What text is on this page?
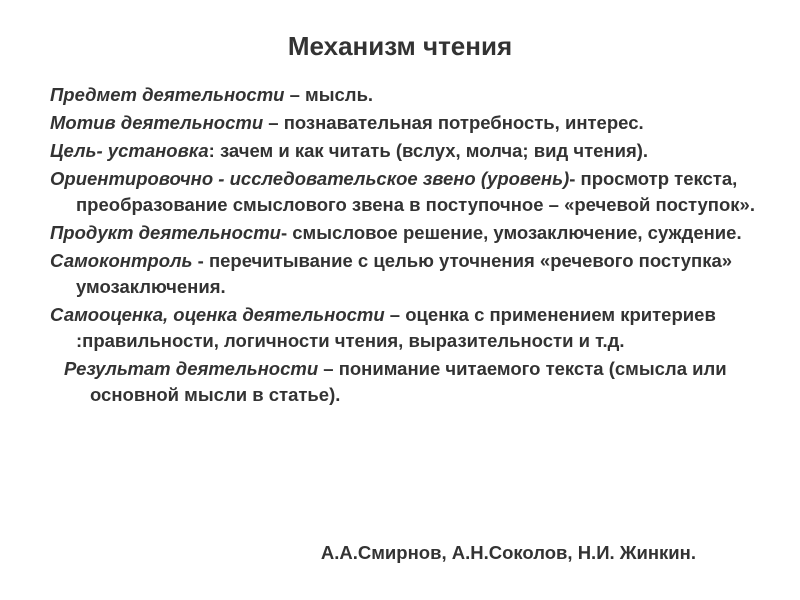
Механизм чтения
Предмет деятельности – мысль.
Мотив деятельности – познавательная потребность, интерес.
Цель- установка: зачем и как читать (вслух, молча; вид чтения).
Ориентировочно - исследовательское звено (уровень)- просмотр текста, преобразование смыслового звена в поступочное – «речевой поступок».
Продукт деятельности- смысловое решение, умозаключение, суждение.
Самоконтроль - перечитывание с целью уточнения «речевого поступка» умозаключения.
Самооценка, оценка деятельности – оценка с применением критериев :правильности, логичности чтения, выразительности и т.д.
Результат деятельности – понимание читаемого текста (смысла или основной мысли в статье).

А.А.Смирнов, А.Н.Соколов, Н.И. Жинкин.
